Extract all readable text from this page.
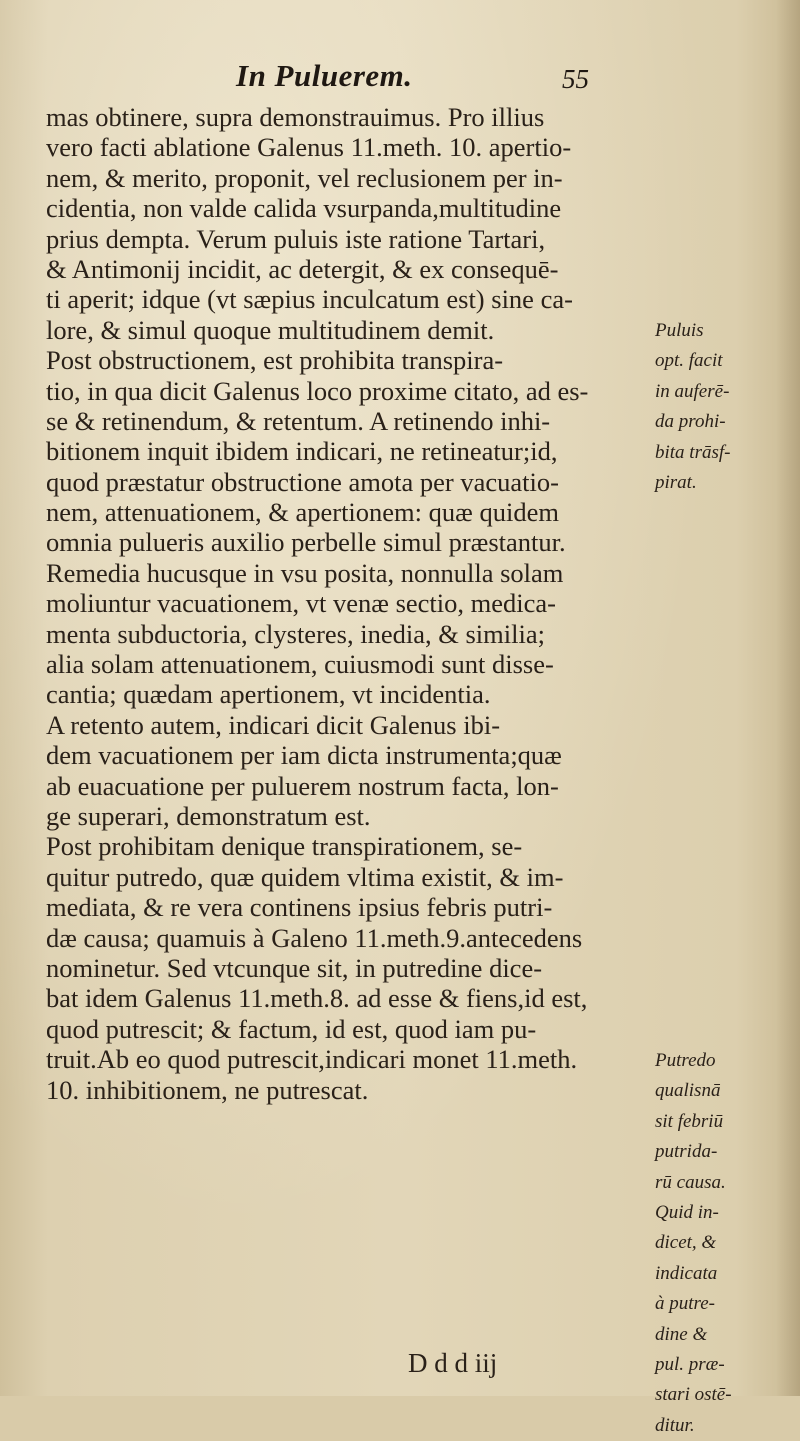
In Puluerem.	55
mas obtinere, supra demonstrauimus. Pro illius
vero facti ablatione Galenus 11.meth. 10. apertio-
nem, & merito, proponit, vel reclusionem per in-
cidentia, non valde calida vsurpanda,multitudine
prius dempta. Verum puluis iste ratione Tartari,
& Antimonij incidit, ac detergit, & ex consequē-
ti aperit; idque (vt sæpius inculcatum est) sine ca-
lore, & simul quoque multitudinem demit.
Post obstructionem, est prohibita transpira-
tio, in qua dicit Galenus loco proxime citato, ad es-
se & retinendum, & retentum. A retinendo inhi-
bitionem inquit ibidem indicari, ne retineatur;id,
quod præstatur obstructione amota per vacuatio-
nem, attenuationem, & apertionem: quæ quidem
omnia pulueris auxilio perbelle simul præstantur.
Remedia hucusque in vsu posita, nonnulla solam
moliuntur vacuationem, vt venæ sectio, medica-
menta subductoria, clysteres, inedia, & similia;
alia solam attenuationem, cuiusmodi sunt disse-
cantia; quædam apertionem, vt incidentia.
A retento autem, indicari dicit Galenus ibi-
dem vacuationem per iam dicta instrumenta;quæ
ab euacuatione per puluerem nostrum facta, lon-
ge superari, demonstratum est.
Post prohibitam denique transpirationem, se-
quitur putredo, quæ quidem vltima existit, & im-
mediata, & re vera continens ipsius febris putri-
dæ causa; quamuis à Galeno 11.meth.9.antecedens
nominetur. Sed vtcunque sit, in putredine dice-
bat idem Galenus 11.meth.8. ad esse & fiens,id est,
quod putrescit; & factum, id est, quod iam pu-
truit.Ab eo quod putrescit,indicari monet 11.meth.
10. inhibitionem, ne putrescat.
Puluis
opt. facit
in auferē-
da prohi-
bita trāsf-
pirat.
Putredo
qualisnā
sit febriū
putrida-
rū causa.
Quid in-
dicet, &
indicata
à putre-
dine &
pul. præ-
stari ostē-
ditur.
D d d iij
